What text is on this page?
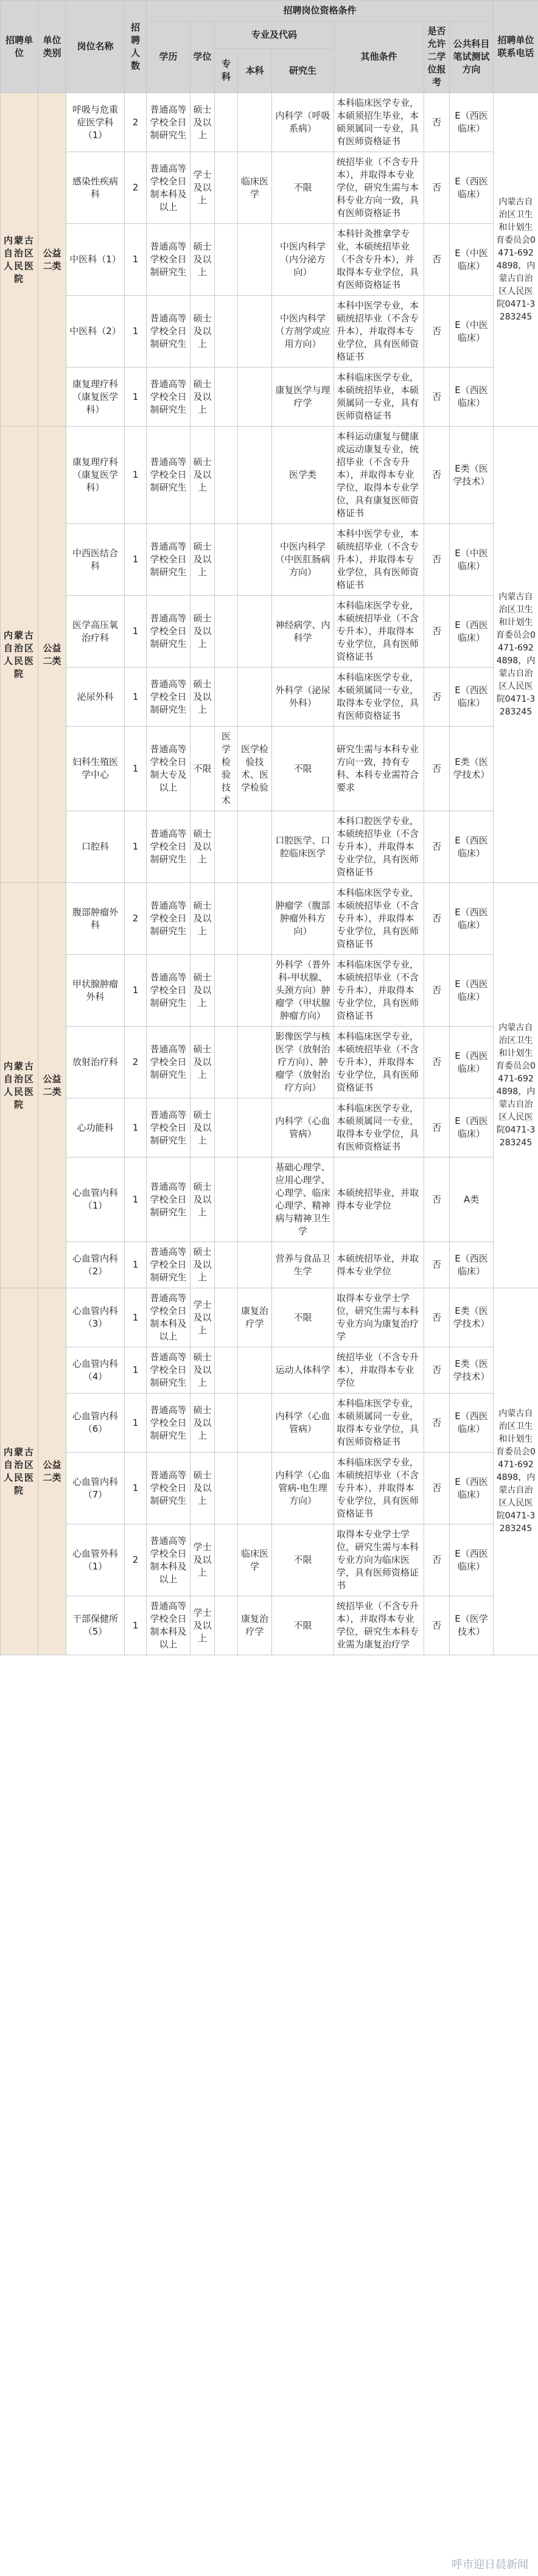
招聘单位	单位类别	岗位名称	招聘人数	招聘岗位资格条件								招聘单位联系电话
				学历	学位	专业及代码			其他条件	是否允许二学位报考	公共科目笔试测试方向	
						专科	本科	研究生				
内蒙古自治区人民医院	公益二类	呼吸与危重症医学科（1）	2	普通高等学校全日制研究生	硕士及以上			内科学（呼吸系病）	本科临床医学专业，本硕须招生毕业，本硕须属同一专业，具有医师资格证书	否	E（西医临床）	内蒙古自治区卫生和计划生育委员会0471-6924898，内蒙古自治区人民医院0471-3283245
		感染性疾病科	2	普通高等学校全日制本科及以上	学士及以上		临床医学	不限	统招毕业（不含专升本），并取得本专业学位，研究生需与本科专业方向一致，具有医师资格证书	否	E（西医临床）	
		中医科（1）	1	普通高等学校全日制研究生	硕士及以上			中医内科学（内分泌方向）	本科针灸推拿学专业，本硕统招毕业（不含专升本），并取得本专业学位，具有医师资格证书	否	E（中医临床）	
		中医科（2）	1	普通高等学校全日制研究生	硕士及以上			中医内科学（方剂学或应用方向）	本科中医学专业，本硕统招毕业（不含专升本），并取得本专业学位，具有医师资格证书	否	E（中医临床）	
		康复理疗科（康复医学科）	1	普通高等学校全日制研究生	硕士及以上			康复医学与理疗学	本科临床医学专业，本硕统招毕业，本硕须属同一专业，具有医师资格证书	否	E（西医临床）	
内蒙古自治区人民医院	公益二类	康复理疗科（康复医学科）	1	普通高等学校全日制研究生	硕士及以上			医学类	本科运动康复与健康或运动康复专业，统招毕业（不含专升本），并取得本专业学位，取得本专业学位，具有康复医师资格证书	否	E类（医学技术）	内蒙古自治区卫生和计划生育委员会0471-6924898，内蒙古自治区人民医院0471-3283245
		中西医结合科	1	普通高等学校全日制研究生	硕士及以上			中医内科学（中医肛肠病方向）	本科中医学专业，本硕统招毕业（不含专升本），并取得本专业学位，具有医师资格证书	否	E（中医临床）	
		医学高压氧治疗科	1	普通高等学校全日制研究生	硕士及以上			神经病学、内科学	本科临床医学专业，本硕统招毕业（不含专升本），并取得本专业学位，具有医师资格证书	否	E（西医临床）	
		泌尿外科	1	普通高等学校全日制研究生	硕士及以上			外科学（泌尿外科）	本科临床医学专业，本硕须属同一专业，取得本专业学位，具有医师资格证书	否	E（西医临床）	
		妇科生殖医学中心	1	普通高等学校全日制大专及以上	不限	医学检验技术	医学检验技术、医学检验	不限	研究生需与本科专业方向一致，持有专科、本科专业需符合要求	否	E类（医学技术）	
		口腔科	1	普通高等学校全日制研究生	硕士及以上			口腔医学、口腔临床医学	本科口腔医学专业，本硕统招毕业（不含专升本），并取得本专业学位，具有医师资格证书	否	E（西医临床）	
内蒙古自治区人民医院	公益二类	腹部肿瘤外科	2	普通高等学校全日制研究生	硕士及以上			肿瘤学（腹部肿瘤外科方向）	本科临床医学专业，本硕统招毕业（不含专升本），并取得本专业学位，具有医师资格证书	否	E（西医临床）	内蒙古自治区卫生和计划生育委员会0471-6924898，内蒙古自治区人民医院0471-3283245
		甲状腺肿瘤外科	1	普通高等学校全日制研究生	硕士及以上			外科学（普外科-甲状腺、头颈方向）肿瘤学（甲状腺肿瘤方向）	本科临床医学专业，本硕统招毕业（不含专升本），并取得本专业学位，具有医师资格证书	否	E（西医临床）	
		放射治疗科	2	普通高等学校全日制研究生	硕士及以上			影像医学与核医学（放射治疗方向）、肿瘤学（放射治疗方向）	本科临床医学专业，本硕统招毕业（不含专升本），并取得本专业学位，具有医师资格证书	否	E（西医临床）	
		心功能科	1	普通高等学校全日制研究生	硕士及以上			内科学（心血管病）	本科临床医学专业，本硕须属同一专业，取得本专业学位，具有医师资格证书	否	E（西医临床）	
		心血管内科（1）	1	普通高等学校全日制研究生	硕士及以上			基础心理学、应用心理学、心理学、临床心理学、精神病与精神卫生学	本硕统招毕业，并取得本专业学位	否	A类	
		心血管内科（2）	1	普通高等学校全日制研究生	硕士及以上			营养与食品卫生学	本硕统招毕业，并取得本专业学位	否	E（西医临床）	
内蒙古自治区人民医院	公益二类	心血管内科（3）	1	普通高等学校全日制本科及以上	学士及以上		康复治疗学	不限	取得本专业学士学位，研究生需与本科专业方向为康复治疗学	否	E类（医学技术）	内蒙古自治区卫生和计划生育委员会0471-6924898，内蒙古自治区人民医院0471-3283245
		心血管内科（4）	1	普通高等学校全日制研究生	硕士及以上			运动人体科学	统招毕业（不含专升本），并取得本专业学位	否	E类（医学技术）	
		心血管内科（6）	1	普通高等学校全日制研究生	硕士及以上			内科学（心血管病）	本科临床医学专业，本硕须属同一专业，取得本专业学位，具有医师资格证书	否	E（西医临床）	
		心血管内科（7）	1	普通高等学校全日制研究生	硕士及以上			内科学（心血管病-电生理方向）	本科临床医学专业，本硕统招毕业（不含专升本），并取得本专业学位，具有医师资格证书	否	E（西医临床）	
		心血管外科（1）	2	普通高等学校全日制本科及以上	学士及以上		临床医学	不限	取得本专业学士学位，研究生需与本科专业方向为临床医学，具有医师资格证书	否	E（西医临床）	
		干部保健所（5）	1	普通高等学校全日制本科及以上	学士及以上		康复治疗学	不限	统招毕业（不含专升本），并取得本专业学位，研究生本科专业需为康复治疗学	否	E（医学技术）	
呼市迎日晨新闻
